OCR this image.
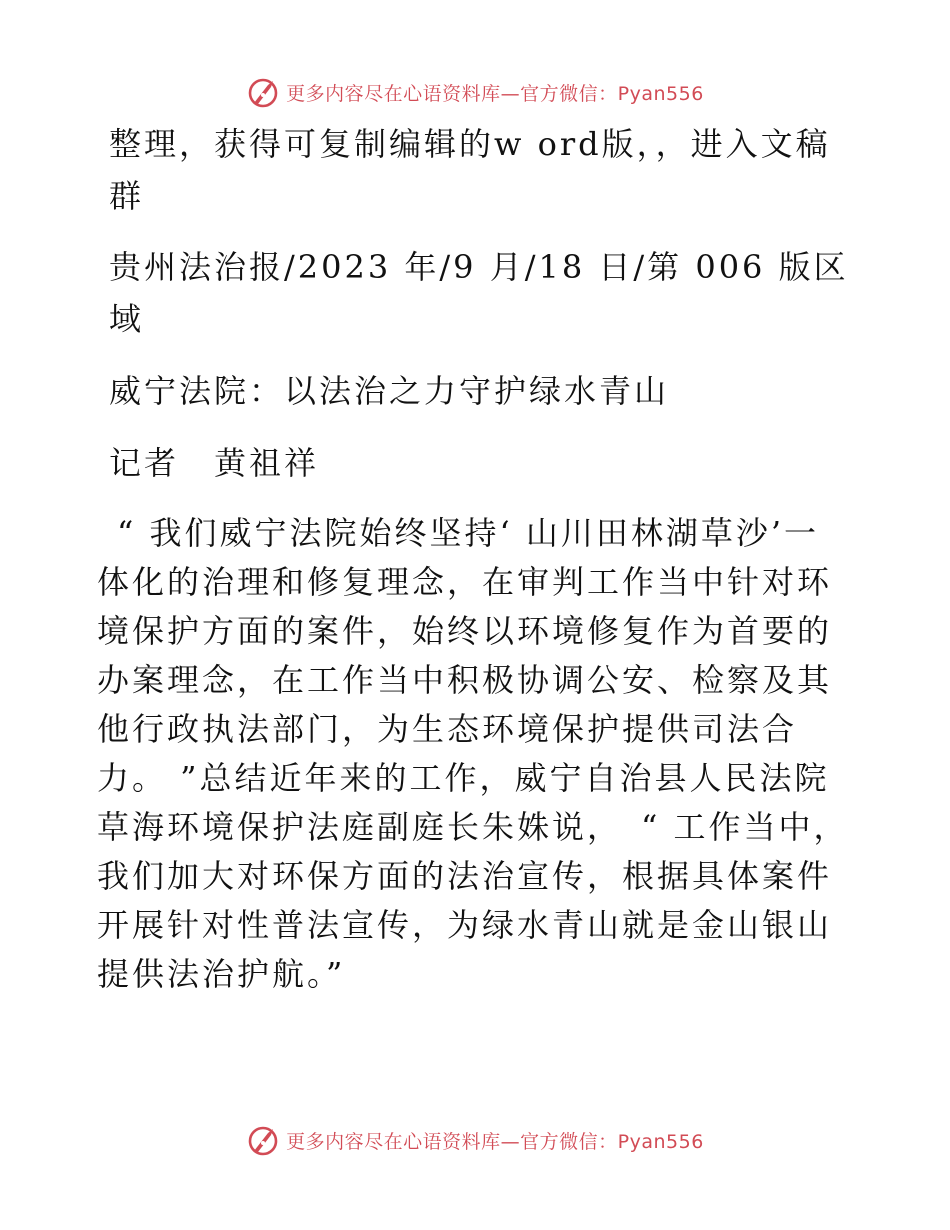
更多内容尽在心语资料库—官方微信：Pyan556

整理，获得可复制编辑的w ord版，，进入文稿群

贵州法治报/2023 年/9 月/18 日/第 006 版区域

威宁法院：以法治之力守护绿水青山

记者　黄祖祥

“ 我们威宁法院始终坚持‘ 山川田林湖草沙’一体化的治理和修复理念，在审判工作当中针对环境保护方面的案件，始终以环境修复作为首要的办案理念，在工作当中积极协调公安、检察及其他行政执法部门，为生态环境保护提供司法合力。 ”总结近年来的工作，威宁自治县人民法院草海环境保护法庭副庭长朱姝说，　“ 工作当中，我们加大对环保方面的法治宣传，根据具体案件开展针对性普法宣传，为绿水青山就是金山银山提供法治护航。”

更多内容尽在心语资料库—官方微信：Pyan556
